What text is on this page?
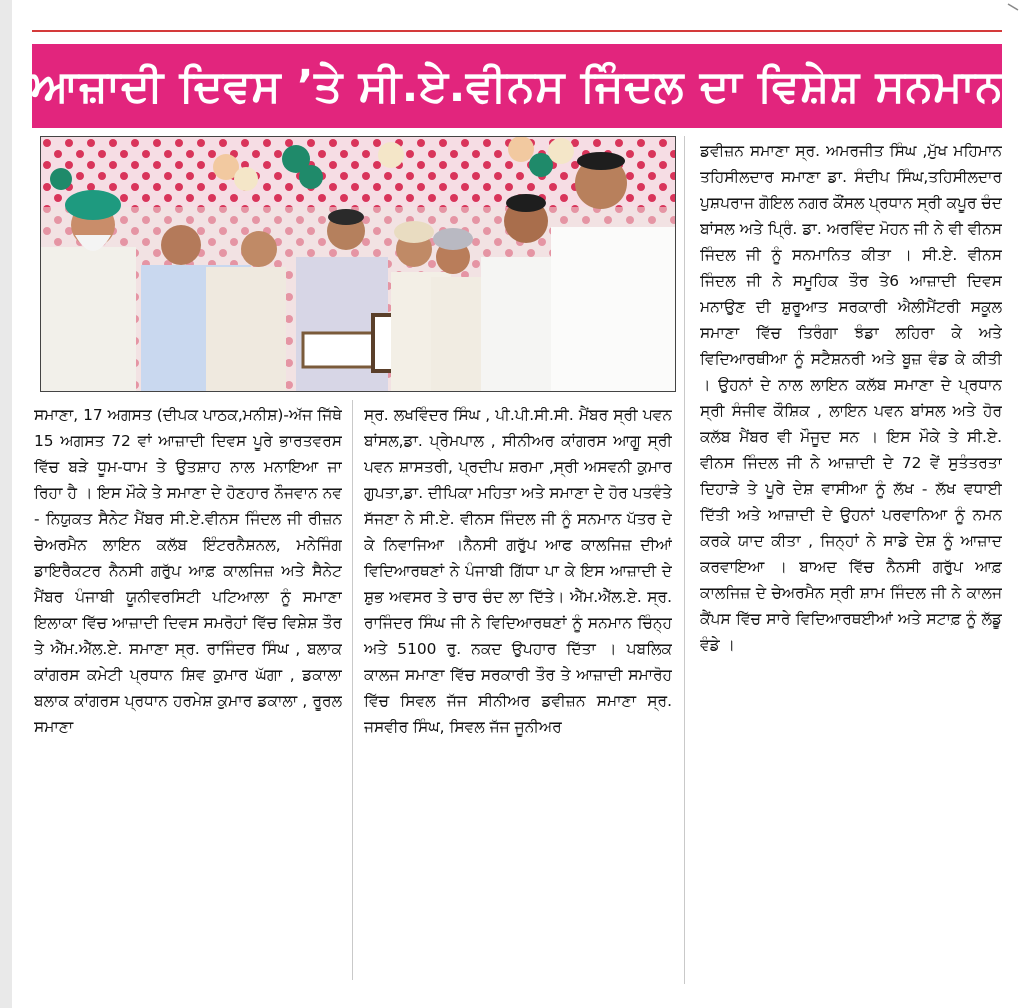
ਆਜ਼ਾਦੀ ਦਿਵਸ ’ਤੇ ਸੀ.ਏ.ਵੀਨਸ ਜਿੰਦਲ ਦਾ ਵਿਸ਼ੇਸ਼ ਸਨਮਾਨ

ਸਮਾਣਾ, 17 ਅਗਸਤ (ਦੀਪਕ ਪਾਠਕ,ਮਨੀਸ਼)-ਅੱਜ ਜਿੱਥੇ 15 ਅਗਸਤ 72 ਵਾਂ ਆਜ਼ਾਦੀ ਦਿਵਸ ਪੂਰੇ ਭਾਰਤਵਰਸ ਵਿੱਚ ਬੜੇ ਧੂਮ-ਧਾਮ ਤੇ ਉਤਸ਼ਾਹ ਨਾਲ ਮਨਾਇਆ ਜਾ ਰਿਹਾ ਹੈ । ਇਸ ਮੌਕੇ ਤੇ ਸਮਾਣਾ ਦੇ ਹੋਣਹਾਰ ਨੌਜਵਾਨ ਨਵ - ਨਿਯੁਕਤ ਸੈਨੇਟ ਮੈਂਬਰ ਸੀ.ਏ.ਵੀਨਸ ਜਿੰਦਲ ਜੀ ਰੀਜ਼ਨ ਚੇਅਰਮੈਨ ਲਾਇਨ ਕਲੱਬ ਇੰਟਰਨੈਸ਼ਨਲ, ਮਨੇਜਿੰਗ ਡਾਇਰੈਕਟਰ ਨੈਨਸੀ ਗਰੁੱਪ ਆਫ਼ ਕਾਲਜਿਜ਼ ਅਤੇ ਸੈਨੇਟ ਮੈਂਬਰ ਪੰਜਾਬੀ ਯੂਨੀਵਰਸਿਟੀ ਪਟਿਆਲਾ ਨੂੰ ਸਮਾਣਾ ਇਲਾਕਾ ਵਿੱਚ ਆਜ਼ਾਦੀ ਦਿਵਸ ਸਮਰੋਹਾਂ ਵਿੱਚ ਵਿਸ਼ੇਸ਼ ਤੌਰ ਤੇ ਐੱਮ.ਐੱਲ.ਏ. ਸਮਾਣਾ ਸ੍ਰ. ਰਾਜਿੰਦਰ ਸਿੰਘ , ਬਲਾਕ ਕਾਂਗਰਸ ਕਮੇਟੀ ਪ੍ਰਧਾਨ ਸ਼ਿਵ ਕੁਮਾਰ ਘੱਗਾ , ਡਕਾਲਾ ਬਲਾਕ ਕਾਂਗਰਸ ਪ੍ਰਧਾਨ ਹਰਮੇਸ਼ ਕੁਮਾਰ ਡਕਾਲਾ , ਰੂਰਲ ਸਮਾਣਾ

ਸ੍ਰ. ਲਖਵਿੰਦਰ ਸਿੰਘ , ਪੀ.ਪੀ.ਸੀ.ਸੀ. ਮੈਂਬਰ ਸ੍ਰੀ ਪਵਨ ਬਾਂਸਲ,ਡਾ. ਪ੍ਰੇਮਪਾਲ , ਸੀਨੀਅਰ ਕਾਂਗਰਸ ਆਗੂ ਸ੍ਰੀ ਪਵਨ ਸ਼ਾਸਤਰੀ, ਪ੍ਰਦੀਪ ਸ਼ਰਮਾ ,ਸ੍ਰੀ ਅਸਵਨੀ ਕੁਮਾਰ ਗੁਪਤਾ,ਡਾ. ਦੀਪਿਕਾ ਮਹਿਤਾ ਅਤੇ ਸਮਾਣਾ ਦੇ ਹੋਰ ਪਤਵੰਤੇ ਸੱਜਣਾ ਨੇ ਸੀ.ਏ. ਵੀਨਸ ਜਿੰਦਲ ਜੀ ਨੂੰ ਸਨਮਾਨ ਪੱਤਰ ਦੇ ਕੇ ਨਿਵਾਜਿਆ ।ਨੈਨਸੀ ਗਰੁੱਪ ਆਫ ਕਾਲਜਿਜ਼ ਦੀਆਂ ਵਿਦਿਆਰਥਣਾਂ ਨੇ ਪੰਜਾਬੀ ਗਿੱਧਾ ਪਾ ਕੇ ਇਸ ਆਜ਼ਾਦੀ ਦੇ ਸ਼ੁਭ ਅਵਸਰ ਤੇ ਚਾਰ ਚੰਦ ਲਾ ਦਿੱਤੇ। ਐੱਮ.ਐੱਲ.ਏ. ਸ੍ਰ. ਰਾਜਿੰਦਰ ਸਿੰਘ ਜੀ ਨੇ ਵਿਦਿਆਰਥਣਾਂ ਨੂੰ ਸਨਮਾਨ ਚਿੰਨ੍ਹ ਅਤੇ 5100 ਰੁ. ਨਕਦ ਉਪਹਾਰ ਦਿੱਤਾ । ਪਬਲਿਕ ਕਾਲਜ ਸਮਾਣਾ ਵਿੱਚ ਸਰਕਾਰੀ ਤੌਰ ਤੇ ਆਜ਼ਾਦੀ ਸਮਾਰੋਹ ਵਿੱਚ ਸਿਵਲ ਜੱਜ ਸੀਨੀਅਰ ਡਵੀਜ਼ਨ ਸਮਾਣਾ ਸ੍ਰ. ਜਸਵੀਰ ਸਿੰਘ, ਸਿਵਲ ਜੱਜ ਜੂਨੀਅਰ

ਡਵੀਜ਼ਨ ਸਮਾਣਾ ਸ੍ਰ. ਅਮਰਜੀਤ ਸਿੰਘ ,ਮੁੱਖ ਮਹਿਮਾਨ ਤਹਿਸੀਲਦਾਰ ਸਮਾਣਾ ਡਾ. ਸੰਦੀਪ ਸਿੰਘ,ਤਹਿਸੀਲਦਾਰ ਪੁਸ਼ਪਰਾਜ ਗੋਇਲ ਨਗਰ ਕੌਂਸਲ ਪ੍ਰਧਾਨ ਸ੍ਰੀ ਕਪੂਰ ਚੰਦ ਬਾਂਸਲ ਅਤੇ ਪ੍ਰਿੰ. ਡਾ. ਅਰਵਿੰਦ ਮੋਹਨ ਜੀ ਨੇ ਵੀ ਵੀਨਸ ਜਿੰਦਲ ਜੀ ਨੂੰ ਸਨਮਾਨਿਤ ਕੀਤਾ । ਸੀ.ਏ. ਵੀਨਸ ਜਿੰਦਲ ਜੀ ਨੇ ਸਮੂਹਿਕ ਤੌਰ ਤੇ6 ਆਜ਼ਾਦੀ ਦਿਵਸ ਮਨਾਉਣ ਦੀ ਸ਼ੁਰੂਆਤ ਸਰਕਾਰੀ ਐਲੀਮੈਂਟਰੀ ਸਕੂਲ ਸਮਾਣਾ ਵਿੱਚ ਤਿਰੰਗਾ ਝੰਡਾ ਲਹਿਰਾ ਕੇ ਅਤੇ ਵਿਦਿਆਰਥੀਆ ਨੂੰ ਸਟੈਸ਼ਨਰੀ ਅਤੇ ਬੂਜ਼ ਵੰਡ ਕੇ ਕੀਤੀ । ਉਹਨਾਂ ਦੇ ਨਾਲ ਲਾਇਨ ਕਲੱਬ ਸਮਾਣਾ ਦੇ ਪ੍ਰਧਾਨ ਸ੍ਰੀ ਸੰਜੀਵ ਕੌਸ਼ਿਕ , ਲਾਇਨ ਪਵਨ ਬਾਂਸਲ ਅਤੇ ਹੋਰ ਕਲੱਬ ਮੈਂਬਰ ਵੀ ਮੌਜੂਦ ਸਨ । ਇਸ ਮੌਕੇ ਤੇ ਸੀ.ਏ. ਵੀਨਸ ਜਿੰਦਲ ਜੀ ਨੇ ਆਜ਼ਾਦੀ ਦੇ 72 ਵੇਂ ਸੁਤੰਤਰਤਾ ਦਿਹਾੜੇ ਤੇ ਪੂਰੇ ਦੇਸ਼ ਵਾਸੀਆ ਨੂੰ ਲੱਖ - ਲੱਖ ਵਧਾਈ ਦਿੱਤੀ ਅਤੇ ਆਜ਼ਾਦੀ ਦੇ ਉਹਨਾਂ ਪਰਵਾਨਿਆ ਨੂੰ ਨਮਨ ਕਰਕੇ ਯਾਦ ਕੀਤਾ , ਜਿਨ੍ਹਾਂ ਨੇ ਸਾਡੇ ਦੇਸ਼ ਨੂੰ ਆਜ਼ਾਦ ਕਰਵਾਇਆ । ਬਾਅਦ ਵਿੱਚ ਨੈਨਸੀ ਗਰੁੱਪ ਆਫ਼ ਕਾਲਜਿਜ਼ ਦੇ ਚੇਅਰਮੈਨ ਸ੍ਰੀ ਸ਼ਾਮ ਜਿੰਦਲ ਜੀ ਨੇ ਕਾਲਜ ਕੈਂਪਸ ਵਿੱਚ ਸਾਰੇ ਵਿਦਿਆਰਥਈਆਂ ਅਤੇ ਸਟਾਫ਼ ਨੂੰ ਲੱਡੂ ਵੰਡੇ ।
